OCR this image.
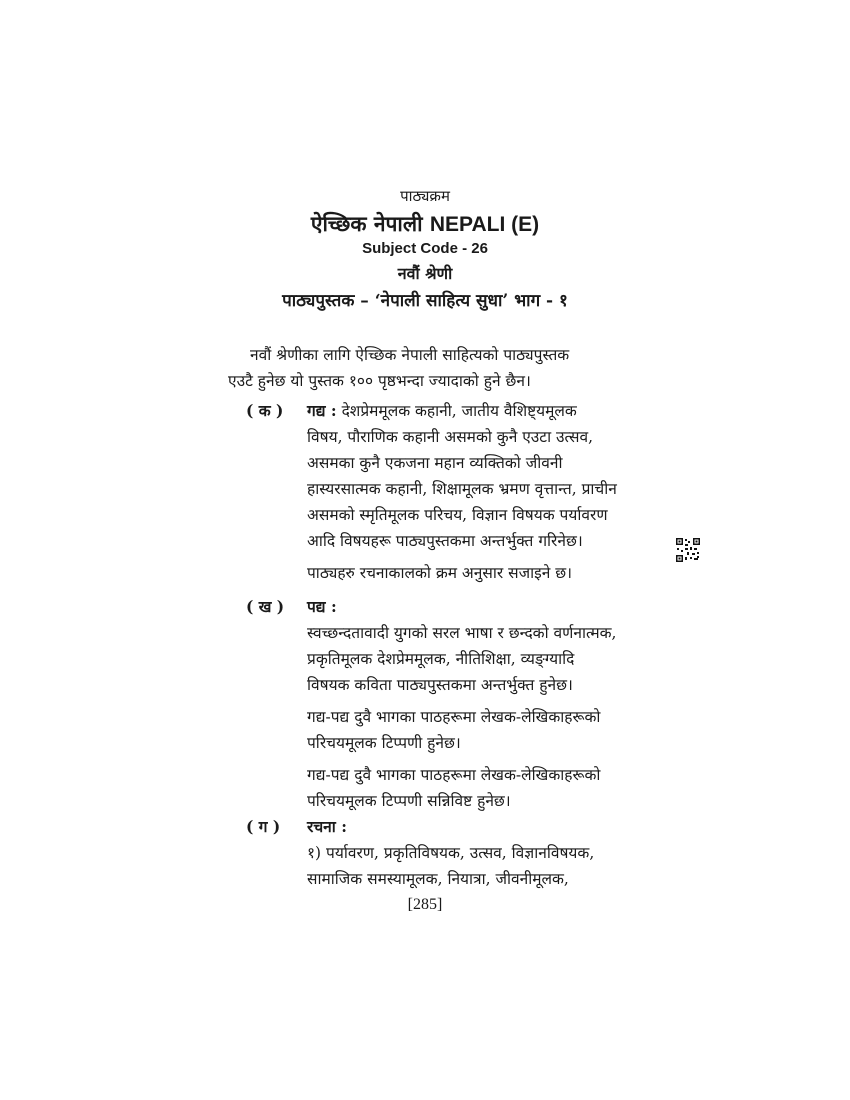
पाठ्यक्रम
ऐच्छिक नेपाली NEPALI (E)
Subject Code - 26
नवौं श्रेणी
पाठ्यपुस्तक – ‘नेपाली साहित्य सुधा’ भाग - १
नवौं श्रेणीका लागि ऐच्छिक नेपाली साहित्यको पाठ्यपुस्तक
एउटै हुनेछ यो पुस्तक १०० पृष्ठभन्दा ज्यादाको हुने छैन।
( क )	गद्य : देशप्रेममूलक कहानी, जातीय वैशिष्ट्यमूलक
विषय, पौराणिक कहानी असमको कुनै एउटा उत्सव,
असमका कुनै एकजना महान व्यक्तिको जीवनी
हास्यरसात्मक कहानी, शिक्षामूलक भ्रमण वृत्तान्त, प्राचीन
असमको स्मृतिमूलक परिचय, विज्ञान विषयक पर्यावरण
आदि विषयहरू पाठ्यपुस्तकमा अन्तर्भुक्त गरिनेछ।
पाठ्यहरु रचनाकालको क्रम अनुसार सजाइने छ।
( ख )	पद्य :
स्वच्छन्दतावादी युगको सरल भाषा र छन्दको वर्णनात्मक,
प्रकृतिमूलक देशप्रेममूलक, नीतिशिक्षा, व्यङ्ग्यादि
विषयक कविता पाठ्यपुस्तकमा अन्तर्भुक्त हुनेछ।
गद्य-पद्य दुवै भागका पाठहरूमा लेखक-लेखिकाहरूको
परिचयमूलक टिप्पणी हुनेछ।
गद्य-पद्य दुवै भागका पाठहरूमा लेखक-लेखिकाहरूको
परिचयमूलक टिप्पणी सन्निविष्ट हुनेछ।
( ग )	रचना :
१) पर्यावरण, प्रकृतिविषयक, उत्सव, विज्ञानविषयक,
सामाजिक समस्यामूलक, नियात्रा, जीवनीमूलक,
[285]
